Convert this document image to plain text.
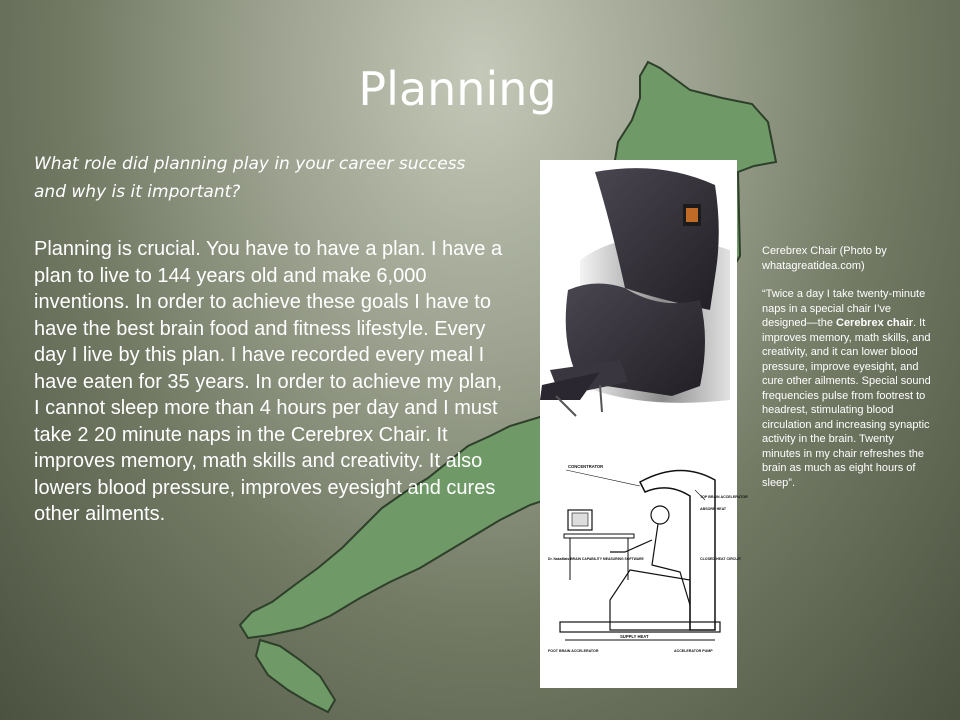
Planning
What role did planning play in your career success and why is it important?
Planning is crucial. You have to have a plan. I have a plan to live to 144 years old and make 6,000 inventions. In order to achieve these goals I have to have the best brain food and fitness lifestyle. Every day I live by this plan. I have recorded every meal I have eaten for 35 years. In order to achieve my plan, I cannot sleep more than 4 hours per day and I must take 2 20 minute naps in the Cerebrex Chair. It improves memory, math skills and creativity. It also lowers blood pressure, improves eyesight and cures other ailments.
CONCENTRATOR
TOP BRAIN ACCELERATOR
ABSORB HEAT
Dr. NakaMats BRAIN CAPABILITY MEASURING SOFTWARE	CLOSED HEAT CIRCUIT
SUPPLY HEAT
FOOT BRAIN ACCELERATOR	ACCELERATOR PUMP

Cerebrex Chair (Photo by whatagreatidea.com)

“Twice a day I take twenty-minute naps in a special chair I’ve designed—the Cerebrex chair. It improves memory, math skills, and creativity, and it can lower blood pressure, improve eyesight, and cure other ailments. Special sound frequencies pulse from footrest to headrest, stimulating blood circulation and increasing synaptic activity in the brain. Twenty minutes in my chair refreshes the brain as much as eight hours of sleep”.
